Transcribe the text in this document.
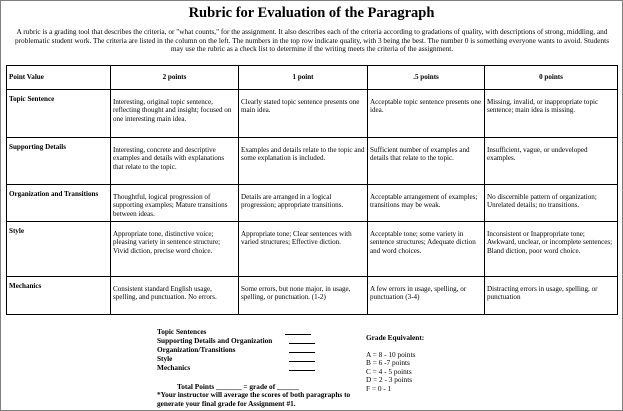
Rubric for Evaluation of the Paragraph
A rubric is a grading tool that describes the criteria, or "what counts," for the assignment. It also describes each of the criteria according to gradations of quality, with descriptions of strong, middling, and problematic student work. The criteria are listed in the column on the left. The numbers in the top row indicate quality, with 3 being the best. The number 0 is something everyone wants to avoid. Students may use the rubric as a check list to determine if the writing meets the criteria of the assignment.
Point Value	2 points	1 point	.5 points	0 points
Topic Sentence	Interesting, original topic sentence, reflecting thought and insight; focused on one interesting main idea.	Clearly stated topic sentence presents one main idea.	Acceptable topic sentence presents one idea.	Missing, invalid, or inappropriate topic sentence; main idea is missing.
Supporting Details	Interesting, concrete and descriptive examples and details with explanations that relate to the topic.	Examples and details relate to the topic and some explanation is included.	Sufficient number of examples and details that relate to the topic.	Insufficient, vague, or undeveloped examples.
Organization and Transitions	Thoughtful, logical progression of supporting examples; Mature transitions between ideas.	Details are arranged in a logical progression; appropriate transitions.	Acceptable arrangement of examples; transitions may be weak.	No discernible pattern of organization; Unrelated details; no transitions.
Style	Appropriate tone, distinctive voice; pleasing variety in sentence structure; Vivid diction, precise word choice.	Appropriate tone; Clear sentences with varied structures; Effective diction.	Acceptable tone; some variety in sentence structures; Adequate diction and word choices.	Inconsistent or Inappropriate tone; Awkward, unclear, or incomplete sentences; Bland diction, poor word choice.
Mechanics	Consistent standard English usage, spelling, and punctuation. No errors.	Some errors, but none major, in usage, spelling, or punctuation. (1-2)	A few errors in usage, spelling, or punctuation (3-4)	Distracting errors in usage, spelling, or punctuation
Topic Sentences
Supporting Details and Organization
Organization/Transitions
Style
Mechanics
Total Points _______ = grade of ______
*Your instructor will average the scores of both paragraphs to generate your final grade for Assignment #1.
Grade Equivalent:
A = 8 - 10 points
B = 6 -7 points
C = 4 - 5 points
D = 2 - 3 points
F = 0 - 1
